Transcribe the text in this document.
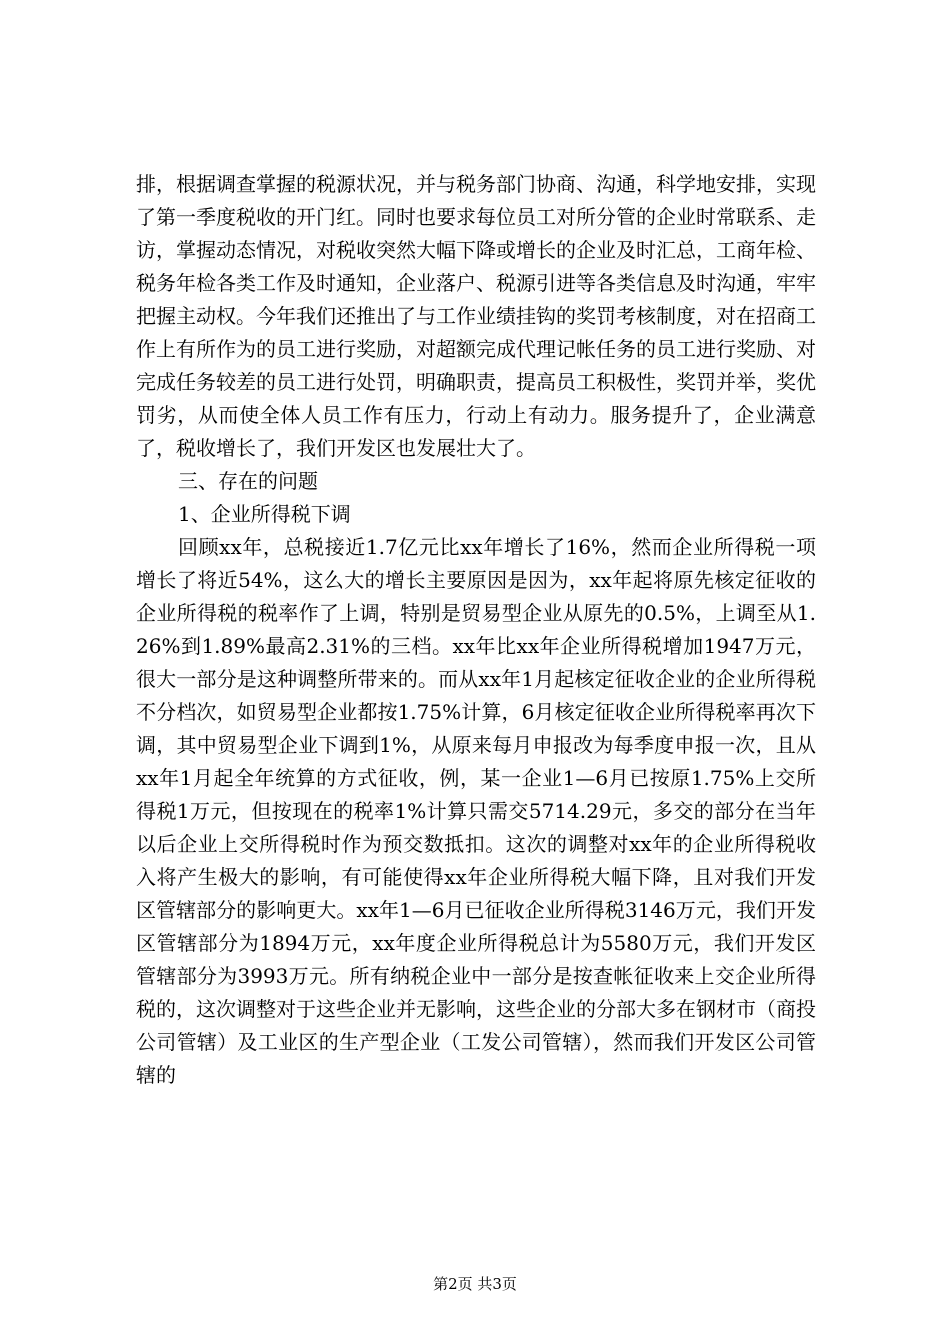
排，根据调查掌握的税源状况，并与税务部门协商、沟通，科学地安排，实现了第一季度税收的开门红。同时也要求每位员工对所分管的企业时常联系、走访，掌握动态情况，对税收突然大幅下降或增长的企业及时汇总，工商年检、税务年检各类工作及时通知，企业落户、税源引进等各类信息及时沟通，牢牢把握主动权。今年我们还推出了与工作业绩挂钩的奖罚考核制度，对在招商工作上有所作为的员工进行奖励，对超额完成代理记帐任务的员工进行奖励、对完成任务较差的员工进行处罚，明确职责，提高员工积极性，奖罚并举，奖优罚劣，从而使全体人员工作有压力，行动上有动力。服务提升了，企业满意了，税收增长了，我们开发区也发展壮大了。

三、存在的问题

1、企业所得税下调

回顾xx年，总税接近1.7亿元比xx年增长了16%，然而企业所得税一项增长了将近54%，这么大的增长主要原因是因为，xx年起将原先核定征收的企业所得税的税率作了上调，特别是贸易型企业从原先的0.5%，上调至从1.26%到1.89%最高2.31%的三档。xx年比xx年企业所得税增加1947万元，很大一部分是这种调整所带来的。而从xx年1月起核定征收企业的企业所得税不分档次，如贸易型企业都按1.75%计算，6月核定征收企业所得税率再次下调，其中贸易型企业下调到1%，从原来每月申报改为每季度申报一次，且从xx年1月起全年统算的方式征收，例，某一企业1—6月已按原1.75%上交所得税1万元，但按现在的税率1%计算只需交5714.29元，多交的部分在当年以后企业上交所得税时作为预交数抵扣。这次的调整对xx年的企业所得税收入将产生极大的影响，有可能使得xx年企业所得税大幅下降，且对我们开发区管辖部分的影响更大。xx年1—6月已征收企业所得税3146万元，我们开发区管辖部分为1894万元，xx年度企业所得税总计为5580万元，我们开发区管辖部分为3993万元。所有纳税企业中一部分是按查帐征收来上交企业所得税的，这次调整对于这些企业并无影响，这些企业的分部大多在钢材市（商投公司管辖）及工业区的生产型企业（工发公司管辖），然而我们开发区公司管辖的

第2页 共3页
